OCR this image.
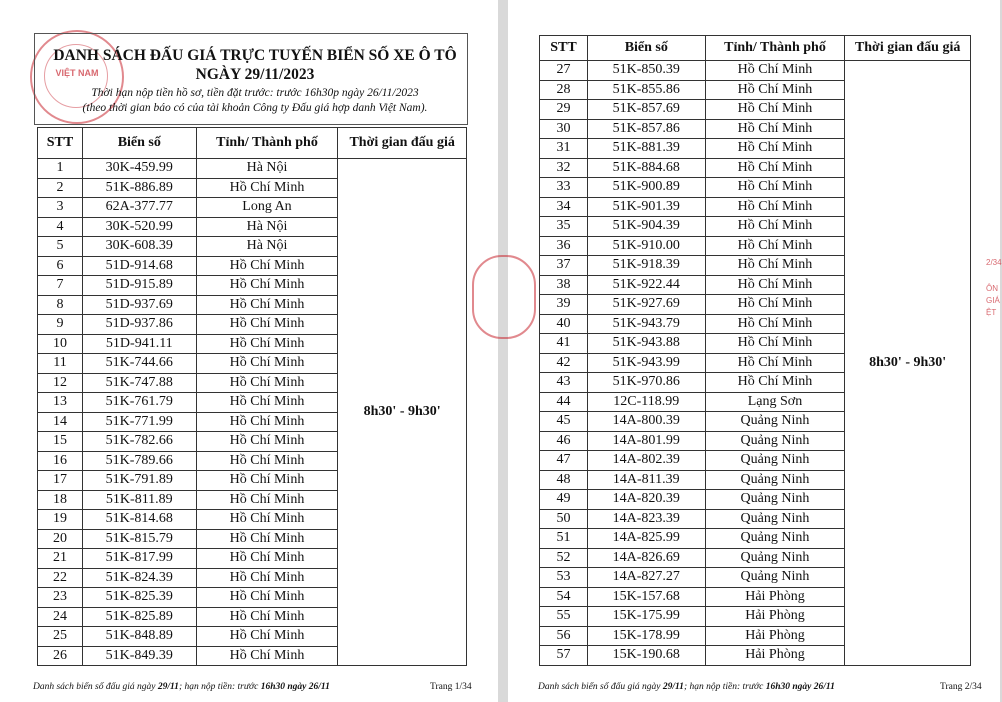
VIỆT NAM
DANH SÁCH ĐẤU GIÁ TRỰC TUYẾN BIỂN SỐ XE Ô TÔ
NGÀY 29/11/2023
Thời hạn nộp tiền hồ sơ, tiền đặt trước: trước 16h30p ngày 26/11/2023
(theo thời gian báo có của tài khoản Công ty Đấu giá hợp danh Việt Nam).
STT	Biển số	Tỉnh/ Thành phố	Thời gian đấu giá
1	30K-459.99	Hà Nội	8h30' - 9h30'
2	51K-886.89	Hồ Chí Minh	
3	62A-377.77	Long An	
4	30K-520.99	Hà Nội	
5	30K-608.39	Hà Nội	
6	51D-914.68	Hồ Chí Minh	
7	51D-915.89	Hồ Chí Minh	
8	51D-937.69	Hồ Chí Minh	
9	51D-937.86	Hồ Chí Minh	
10	51D-941.11	Hồ Chí Minh	
11	51K-744.66	Hồ Chí Minh	
12	51K-747.88	Hồ Chí Minh	
13	51K-761.79	Hồ Chí Minh	
14	51K-771.99	Hồ Chí Minh	
15	51K-782.66	Hồ Chí Minh	
16	51K-789.66	Hồ Chí Minh	
17	51K-791.89	Hồ Chí Minh	
18	51K-811.89	Hồ Chí Minh	
19	51K-814.68	Hồ Chí Minh	
20	51K-815.79	Hồ Chí Minh	
21	51K-817.99	Hồ Chí Minh	
22	51K-824.39	Hồ Chí Minh	
23	51K-825.39	Hồ Chí Minh	
24	51K-825.89	Hồ Chí Minh	
25	51K-848.89	Hồ Chí Minh	
26	51K-849.39	Hồ Chí Minh	
Danh sách biển số đấu giá ngày 29/11; hạn nộp tiền: trước 16h30 ngày 26/11	Trang 1/34	Danh sách biển số đấu giá ngày 29/11; hạn nộp tiền: trước 16h30 ngày 26/11	Trang 2/34
2/34
ÔN
GIÁ
ỆT
STT	Biển số	Tỉnh/ Thành phố	Thời gian đấu giá
27	51K-850.39	Hồ Chí Minh	8h30' - 9h30'
28	51K-855.86	Hồ Chí Minh	
29	51K-857.69	Hồ Chí Minh	
30	51K-857.86	Hồ Chí Minh	
31	51K-881.39	Hồ Chí Minh	
32	51K-884.68	Hồ Chí Minh	
33	51K-900.89	Hồ Chí Minh	
34	51K-901.39	Hồ Chí Minh	
35	51K-904.39	Hồ Chí Minh	
36	51K-910.00	Hồ Chí Minh	
37	51K-918.39	Hồ Chí Minh	
38	51K-922.44	Hồ Chí Minh	
39	51K-927.69	Hồ Chí Minh	
40	51K-943.79	Hồ Chí Minh	
41	51K-943.88	Hồ Chí Minh	
42	51K-943.99	Hồ Chí Minh	
43	51K-970.86	Hồ Chí Minh	
44	12C-118.99	Lạng Sơn	
45	14A-800.39	Quảng Ninh	
46	14A-801.99	Quảng Ninh	
47	14A-802.39	Quảng Ninh	
48	14A-811.39	Quảng Ninh	
49	14A-820.39	Quảng Ninh	
50	14A-823.39	Quảng Ninh	
51	14A-825.99	Quảng Ninh	
52	14A-826.69	Quảng Ninh	
53	14A-827.27	Quảng Ninh	
54	15K-157.68	Hải Phòng	
55	15K-175.99	Hải Phòng	
56	15K-178.99	Hải Phòng	
57	15K-190.68	Hải Phòng	
